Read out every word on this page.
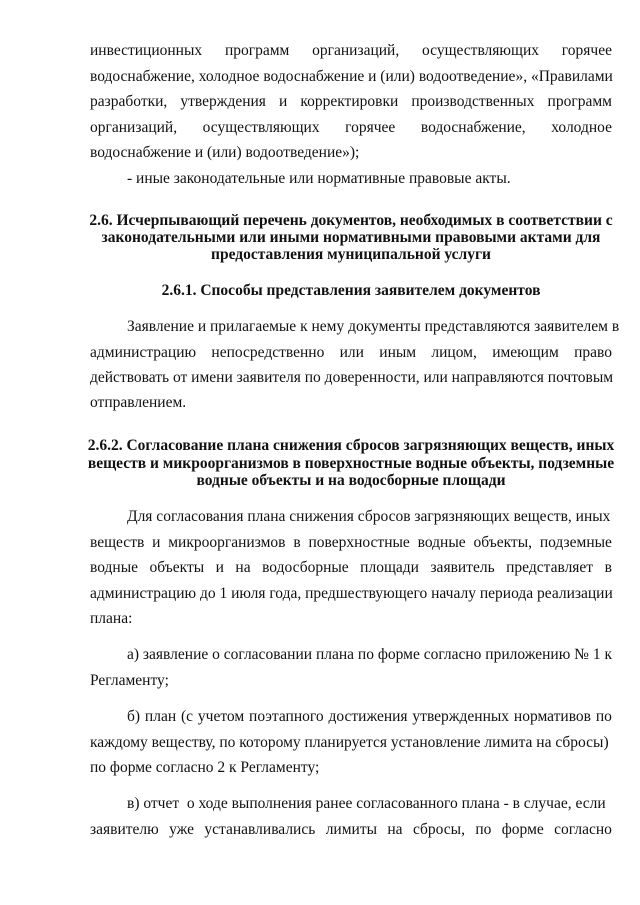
инвестиционных программ организаций, осуществляющих горячее
водоснабжение, холодное водоснабжение и (или) водоотведение», «Правилами
разработки, утверждения и корректировки производственных программ
организаций, осуществляющих горячее водоснабжение, холодное
водоснабжение и (или) водоотведение»);
- иные законодательные или нормативные правовые акты.
2.6. Исчерпывающий перечень документов, необходимых в соответствии с
законодательными или иными нормативными правовыми актами для
предоставления муниципальной услуги
2.6.1. Способы представления заявителем документов
Заявление и прилагаемые к нему документы представляются заявителем в
администрацию непосредственно или иным лицом, имеющим право
действовать от имени заявителя по доверенности, или направляются почтовым
отправлением.
2.6.2. Согласование плана снижения сбросов загрязняющих веществ, иных
веществ и микроорганизмов в поверхностные водные объекты, подземные
водные объекты и на водосборные площади
Для согласования плана снижения сбросов загрязняющих веществ, иных
веществ и микроорганизмов в поверхностные водные объекты, подземные
водные объекты и на водосборные площади заявитель представляет в
администрацию до 1 июля года, предшествующего началу периода реализации
плана:
а) заявление о согласовании плана по форме согласно приложению № 1 к
Регламенту;
б) план (с учетом поэтапного достижения утвержденных нормативов по
каждому веществу, по которому планируется установление лимита на сбросы)
по форме согласно 2 к Регламенту;
в) отчет  о ходе выполнения ранее согласованного плана - в случае, если
заявителю уже устанавливались лимиты на сбросы, по форме согласно
